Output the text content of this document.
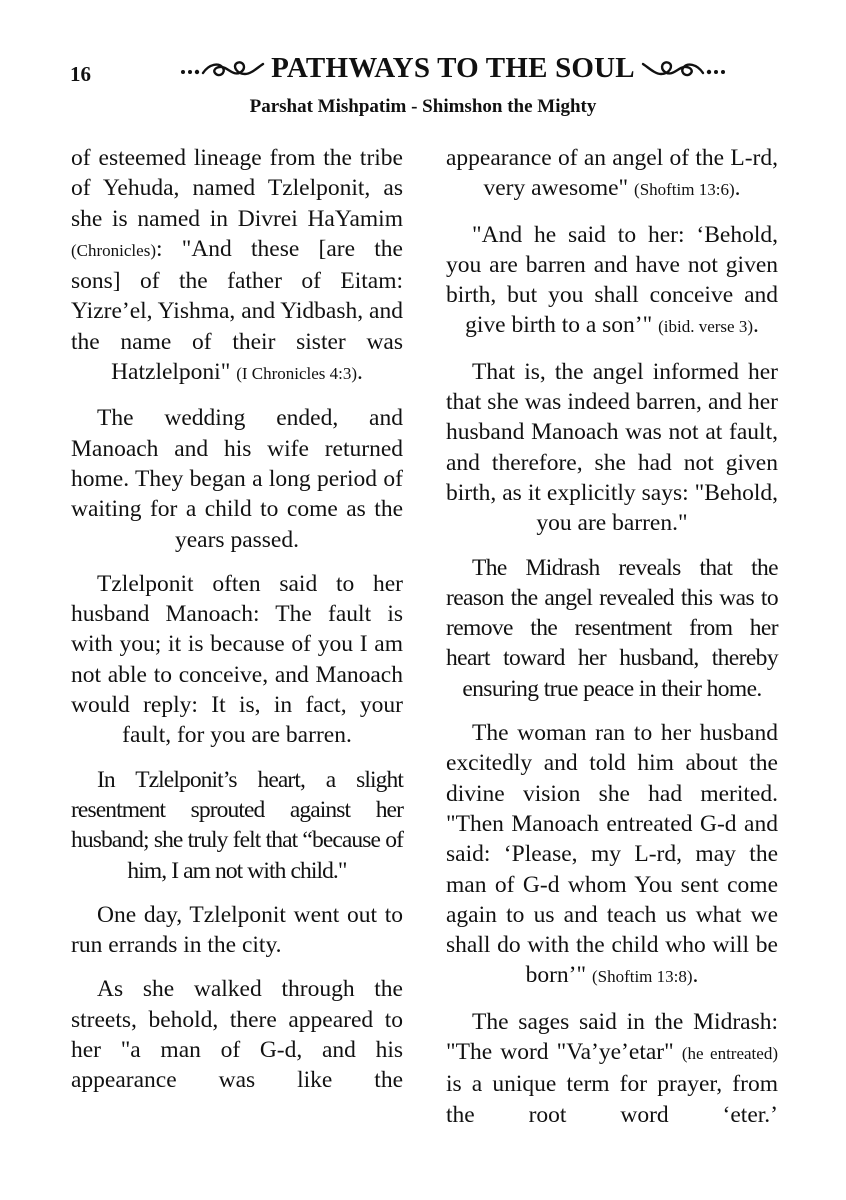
16	PATHWAYS TO THE SOUL
Parshat Mishpatim - Shimshon the Mighty

of esteemed lineage from the tribe of Yehuda, named Tzlelponit, as she is named in Divrei HaYamim (Chronicles): "And these [are the sons] of the father of Eitam: Yizre’el, Yishma, and Yidbash, and the name of their sister was Hatzlelponi" (I Chronicles 4:3).

The wedding ended, and Manoach and his wife returned home. They began a long period of waiting for a child to come as the years passed.

Tzlelponit often said to her husband Manoach: The fault is with you; it is because of you I am not able to conceive, and Manoach would reply: It is, in fact, your fault, for you are barren.

In Tzlelponit’s heart, a slight resentment sprouted against her husband; she truly felt that “because of him, I am not with child."

One day, Tzlelponit went out to run errands in the city.

As she walked through the streets, behold, there appeared to her "a man of G-d, and his appearance was like the

appearance of an angel of the L-rd, very awesome" (Shoftim 13:6).

"And he said to her: ‘Behold, you are barren and have not given birth, but you shall conceive and give birth to a son’" (ibid. verse 3).

That is, the angel informed her that she was indeed barren, and her husband Manoach was not at fault, and therefore, she had not given birth, as it explicitly says: "Behold, you are barren."

The Midrash reveals that the reason the angel revealed this was to remove the resentment from her heart toward her husband, thereby ensuring true peace in their home.

The woman ran to her husband excitedly and told him about the divine vision she had merited. "Then Manoach entreated G-d and said: ‘Please, my L-rd, may the man of G-d whom You sent come again to us and teach us what we shall do with the child who will be born’" (Shoftim 13:8).

The sages said in the Midrash: "The word "Va’ye’etar" (he entreated) is a unique term for prayer, from the root word ‘eter.’
